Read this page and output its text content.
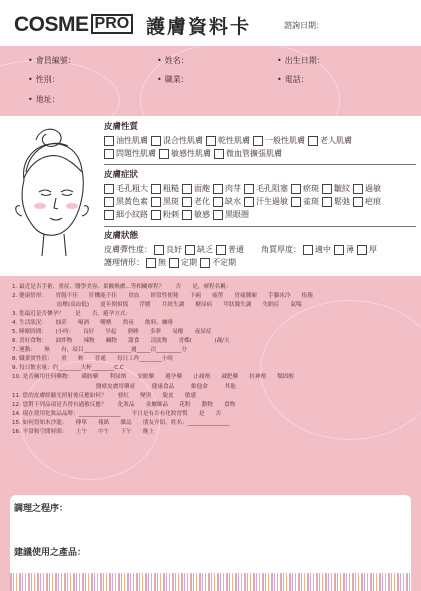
COSME PRO 護膚資料卡	諮詢日期：
• 會員編號：	• 姓名：	• 出生日期：
• 性別：	• 職業：	• 電話：
• 地址：
皮膚性質
油性肌膚 混合性肌膚 乾性肌膚 一般性肌膚 老人肌膚
問題性肌膚 敏感性肌膚 微血管擴張肌膚
皮膚症狀
毛孔粗大 粗糙 面皰 肉芽 毛孔阻塞 瘀斑 皺紋 過敏
黑黃色素 黑斑 老化 缺水 汗生過敏 雀斑 鬆弛 疤痕
細小紋路 粉刺 敏感 黑眼圈
皮膚狀態
皮膚彈性度： 良好 缺乏 普通 角質厚度： 適中 薄 厚
護理情形： 無 定期 不定期
1. 最近是否手術、重症、醫學美容、果酸煥膚...等相關療程？　　否　　是，療程名稱：
2. 健康情形：　　胃腸不佳　　肝機能不佳　　貧血　　經常性便秘　　下痢　　疲勞　　胃痛腫硬　　手腳冰冷　　掐脂
　　　　　　　　血壓(高血低)　　更年期煩惱　　浮腫　　月經失調　　糖尿病　　甲狀腺失調　　失眠症　　氣喘
3. 您最近是否懷孕？　　是　　否，避孕方式：
4. 生活狀況：　　抽菸　　喝酒　　嚼檳　　熬夜　　飲料、咖啡
5. 睡眠時間：　　)小時：　　良好　　早起　　熟睡　　多夢　　易醒　　夜尿症
6. 喜好食物：　　油炸物　　辣物　　鹹物　　甜食　　清淡物　　青蝶(　　　　)蔬/天
7. 運動：　　無　　有，項目_________________週_____次_________分
8. 職業實性值：　　重　　輕　　普通　　每日工作________小時
9. 每日飲水量：約________大杯________C.C
10. 是否擁用任何藥物：　　磺胺藥　　利尿劑　　安眠藥　　避孕藥　　止痛劑　　減肥藥　　抗神劑　　類固醇
　　　　　　　　　　　　　　　醫療皮膚用藥膏　　　健康食品　　　維他命　　　其他
11. 您的皮膚經驗光照射後反應如何？　　發紅　　變黑　　脫皮　　敏感
12. 您對下列品項是否曾有過敏反應？　　化妝品　　金屬飾品　　花粉　　動物　　食物
14. 現在使用化妝品品牌：_______________　　平日是有否有化妝習慣　　是　　否
15. 如何得知本沙龍：　　傳單　　報紙　　雜誌　　朋友介紹，姓名：_______________
16. 平常較空閒時間：　　上午　　中午　　下午　　晚上
調理之程序：
建議使用之產品：
